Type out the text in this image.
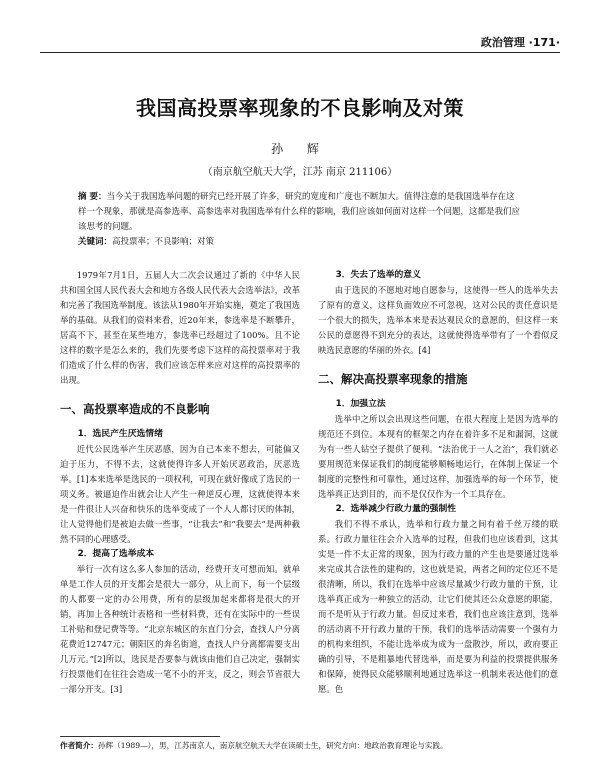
政治管理 ·171·
我国高投票率现象的不良影响及对策
孙 辉
（南京航空航天大学，江苏 南京 211106）
摘 要：当今关于我国选举问题的研究已经开展了许多，研究的宽度和广度也不断加大。值得注意的是我国选举存在这样一个现象，那就是高参选率、高参选率对我国选举有什么样的影响，我们应该如何面对这样一个问题，这都是我们应该思考的问题。
关键词：高投票率；不良影响；对策

1979年7月1日，五届人大二次会议通过了新的《中华人民共和国全国人民代表大会和地方各级人民代表大会选举法》，改革和完善了我国选举制度。该法从1980年开始实施，奠定了我国选举的基础。从我们的资料来看，近20年来，参选率是不断攀升，居高不下，甚至在某些地方，参选率已经超过了100%。且不论这样的数字是怎么来的，我们先要考虑下这样的高投票率对于我们造成了什么样的伤害，我们应该怎样来应对这样的高投票率的出现。

一、高投票率造成的不良影响

1．选民产生厌选情绪

近代公民选举产生厌恶感，因为自己本来不想去，可能偏又迫于压力，不得不去，这就使得许多人开始厌恶政治，厌恶选举。[1]本来选举是选民的一项权利，可现在就好像成了选民的一项义务。被逼迫作出就会让人产生一种逆反心理，这就使得本来是一件很让人兴奋和快乐的选举变成了一个人人都讨厌的体制，让人觉得他们是被迫去做一些事，“让我去”和“我要去”是两种截然不同的心理感受。

2．提高了选举成本

举行一次有这么多人参加的活动，经费开支可想而知。就单单是工作人员的开支都会是很大一部分，从上而下，每一个层级的人都要一定的办公用费，所有的层级加起来都将是很大的开销，再加上各种统计表格和一些材料费，还有在实际中的一些误工补贴和登记费等等。“北京东城区的东直门分会，查找人户分离花费近12747元；朝阳区的奔名街道，查找人户分离都需要支出几万元。”[2]所以，选民是否要参与就该由他们自己决定，强制实行投票他们在往往会造成一笔不小的开支，反之，则会节省很大一部分开支。[3]

3．失去了选举的意义

由于选民的不愿地对地自愿参与，这使得一些人的选举失去了原有的意义，这样负面效应不可忽视，这对公民的责任意识是一个很大的损失，选举本来是表达观民众的意愿的，但这样一来公民的意愿得不到充分的表达，这就使得选举带有了一个看似反映选民意愿的华丽的外衣。[4]

二、解决高投票率现象的措施

1．加强立法

选举中之所以会出现这些问题，在很大程度上是因为选举的规范还不到位。本现有的框架之内存在着许多不足和漏洞，这就为有一些人钻空子提供了便利。“法治优于一人之治”，我们就必要用规范来保证我们的制度能够顺畅地运行，在体制上保证一个制度的完整性和可靠性，通过这样，加强选举的每一个环节，使选举真正达到目的，而不是仅仅作为一个工具存在。

2．选举减少行政力量的强制性

我们不得不承认，选举和行政力量之间有着千丝万缕的联系。行政力量往往会介入选举的过程，但我们也应该看到，这其实是一件不太正常的现象，因为行政力量的产生也是要通过选举来完成其合法性的建构的，这也就是说，两者之间的定位还不是很清晰，所以，我们在选举中应该尽量减少行政力量的干预，让选举真正成为一种独立的活动，让它们使其还公众意愿的职能，而不是听从于行政力量。但反过来看，我们也应该注意到，选举的活动离不开行政力量的干预，我们的选举活动需要一个强有力的机构来组织，不能让选举成为成为一盘散沙，所以，政府要正确的引导，不是粗暴地代替选举，而是要为利益的投票提供服务和保障，使得民众能够顺利地通过选举这一机制来表达他们的意愿。色

作者简介：孙辉（1989—），男，江苏南京人，南京航空航天大学在读硕士生，研究方向：地政治教育理论与实践。
